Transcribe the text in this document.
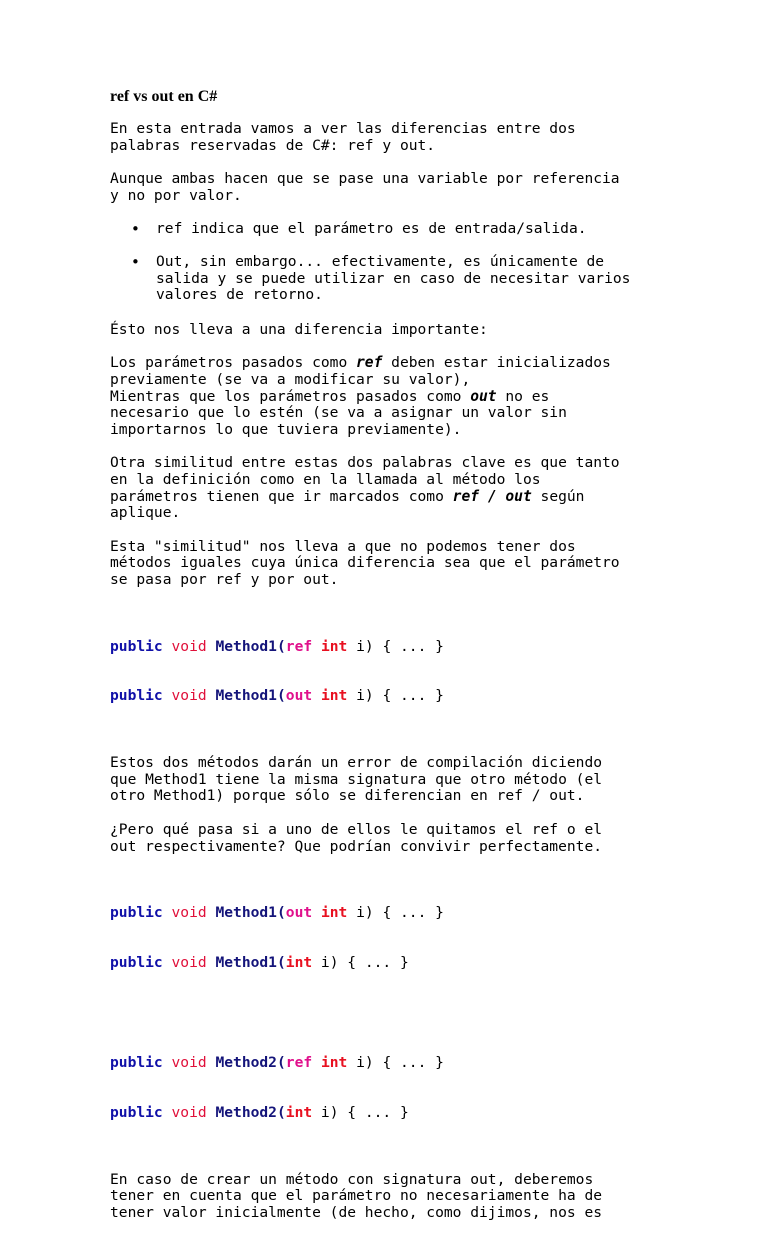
ref vs out en C#

En esta entrada vamos a ver las diferencias entre dos
palabras reservadas de C#: ref y out.

Aunque ambas hacen que se pase una variable por referencia
y no por valor.

• ref indica que el parámetro es de entrada/salida.
• Out, sin embargo... efectivamente, es únicamente de
salida y se puede utilizar en caso de necesitar varios
valores de retorno.

Ésto nos lleva a una diferencia importante:

Los parámetros pasados como ref deben estar inicializados
previamente (se va a modificar su valor),
Mientras que los parámetros pasados como out no es
necesario que lo estén (se va a asignar un valor sin
importarnos lo que tuviera previamente).

Otra similitud entre estas dos palabras clave es que tanto
en la definición como en la llamada al método los
parámetros tienen que ir marcados como ref / out según
aplique.

Esta "similitud" nos lleva a que no podemos tener dos
métodos iguales cuya única diferencia sea que el parámetro
se pasa por ref y por out.

public void Method1(ref int i) { ... }

public void Method1(out int i) { ... }

Estos dos métodos darán un error de compilación diciendo
que Method1 tiene la misma signatura que otro método (el
otro Method1) porque sólo se diferencian en ref / out.

¿Pero qué pasa si a uno de ellos le quitamos el ref o el
out respectivamente? Que podrían convivir perfectamente.

public void Method1(out int i) { ... }

public void Method1(int i) { ... }

public void Method2(ref int i) { ... }

public void Method2(int i) { ... }

En caso de crear un método con signatura out, deberemos
tener en cuenta que el parámetro no necesariamente ha de
tener valor inicialmente (de hecho, como dijimos, nos es
